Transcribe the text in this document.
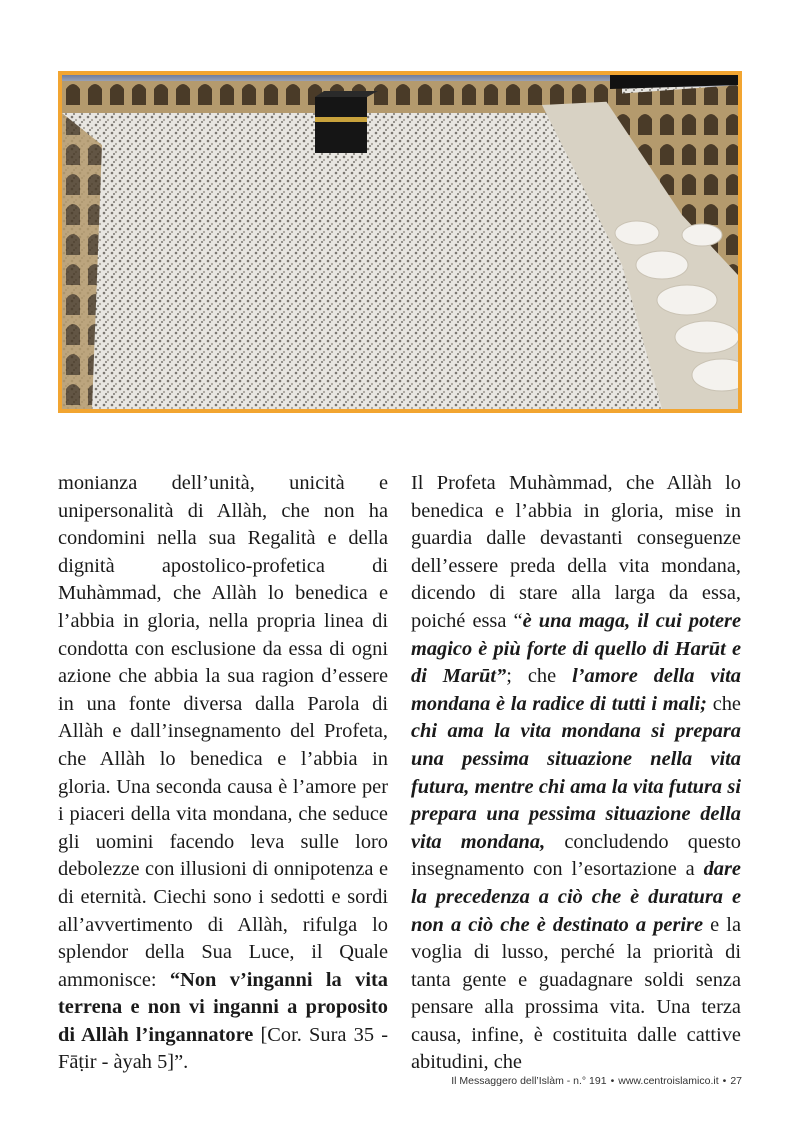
monianza dell’unità, unicità e unipersonalità di Allàh, che non ha condomini nella sua Regalità e della dignità apostolico-profetica di Muhàmmad, che Allàh lo benedica e l’abbia in gloria, nella propria linea di condotta con esclusione da essa di ogni azione che abbia la sua ragion d’essere in una fonte diversa dalla Parola di Allàh e dall’insegnamento del Profeta, che Allàh lo benedica e l’abbia in gloria. Una seconda causa è l’amore per i piaceri della vita mondana, che seduce gli uomini facendo leva sulle loro debolezze con illusioni di onnipotenza e di eternità. Ciechi sono i sedotti e sordi all’avvertimento di Allàh, rifulga lo splendor della Sua Luce, il Quale ammonisce: “Non v’inganni la vita terrena e non vi inganni a proposito di Allàh l’ingannatore [Cor. Sura 35 - Fāṭir - àyah 5]”.

Il Profeta Muhàmmad, che Allàh lo benedica e l’abbia in gloria, mise in guardia dalle devastanti conseguenze dell’essere preda della vita mondana, dicendo di stare alla larga da essa, poiché essa “è una maga, il cui potere magico è più forte di quello di Harūt e di Marūt”; che l’amore della vita mondana è la radice di tutti i mali; che chi ama la vita mondana si prepara una pessima situazione nella vita futura, mentre chi ama la vita futura si prepara una pessima situazione della vita mondana, concludendo questo insegnamento con l’esortazione a dare la precedenza a ciò che è duratura e non a ciò che è destinato a perire e la voglia di lusso, perché la priorità di tanta gente e guadagnare soldi senza pensare alla prossima vita. Una terza causa, infine, è costituita dalle cattive abitudini, che

Il Messaggero dell’Islàm - n.° 191 • www.centroislamico.it • 27
